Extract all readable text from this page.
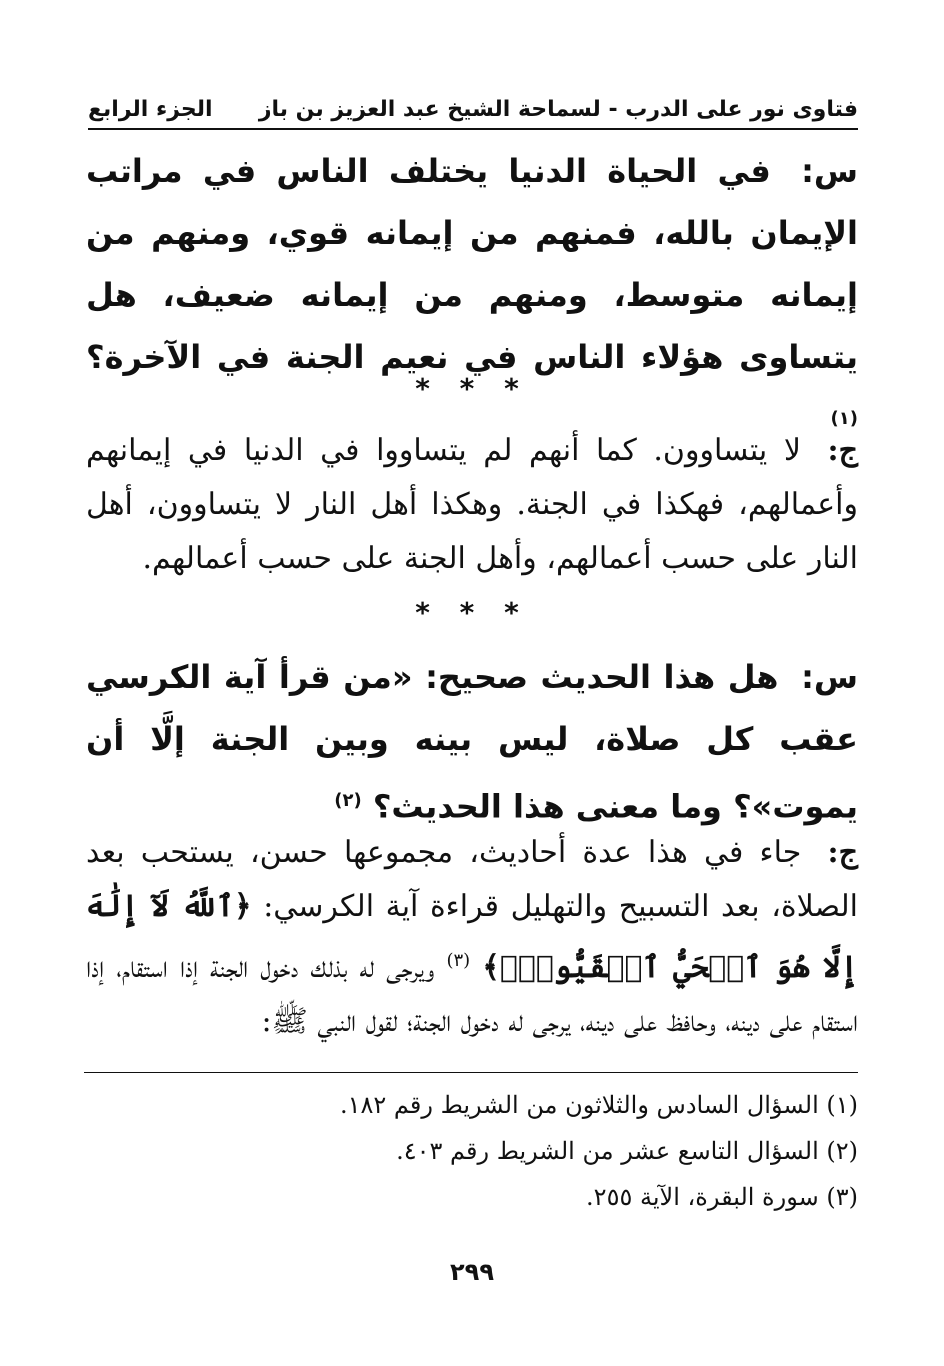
فتاوى نور على الدرب - لسماحة الشيخ عبد العزيز بن باز
الجزء الرابع
س: في الحياة الدنيا يختلف الناس في مراتب الإيمان بالله، فمنهم من إيمانه قوي، ومنهم من إيمانه متوسط، ومنهم من إيمانه ضعيف، هل يتساوى هؤلاء الناس في نعيم الجنة في الآخرة؟ $^{(١)}$
* * *
ج: لا يتساوون. كما أنهم لم يتساووا في الدنيا في إيمانهم وأعمالهم، فهكذا في الجنة. وهكذا أهل النار لا يتساوون، أهل النار على حسب أعمالهم، وأهل الجنة على حسب أعمالهم.
* * *
س: هل هذا الحديث صحيح: «من قرأ آية الكرسي عقب كل صلاة، ليس بينه وبين الجنة إلَّا أن يموت»؟ وما معنى هذا الحديث؟ $^{(٢)}$
ج: جاء في هذا عدة أحاديث، مجموعها حسن، يستحب بعد الصلاة، بعد التسبيح والتهليل قراءة آية الكرسي: ﴿ٱللَّهُ لَآ إِلَٰهَ إِلَّا هُوَ ٱلۡحَيُّ ٱلۡقَيُّومُۚ﴾ $^{(٣)}$ ويرجى له بذلك دخول الجنة إذا استقام، إذا استقام على دينه، وحافظ على دينه، يرجى له دخول الجنة؛ لقول النبي ﷺ:
(١) السؤال السادس والثلاثون من الشريط رقم ١٨٢.
(٢) السؤال التاسع عشر من الشريط رقم ٤٠٣.
(٣) سورة البقرة، الآية ٢٥٥.
٢٩٩
